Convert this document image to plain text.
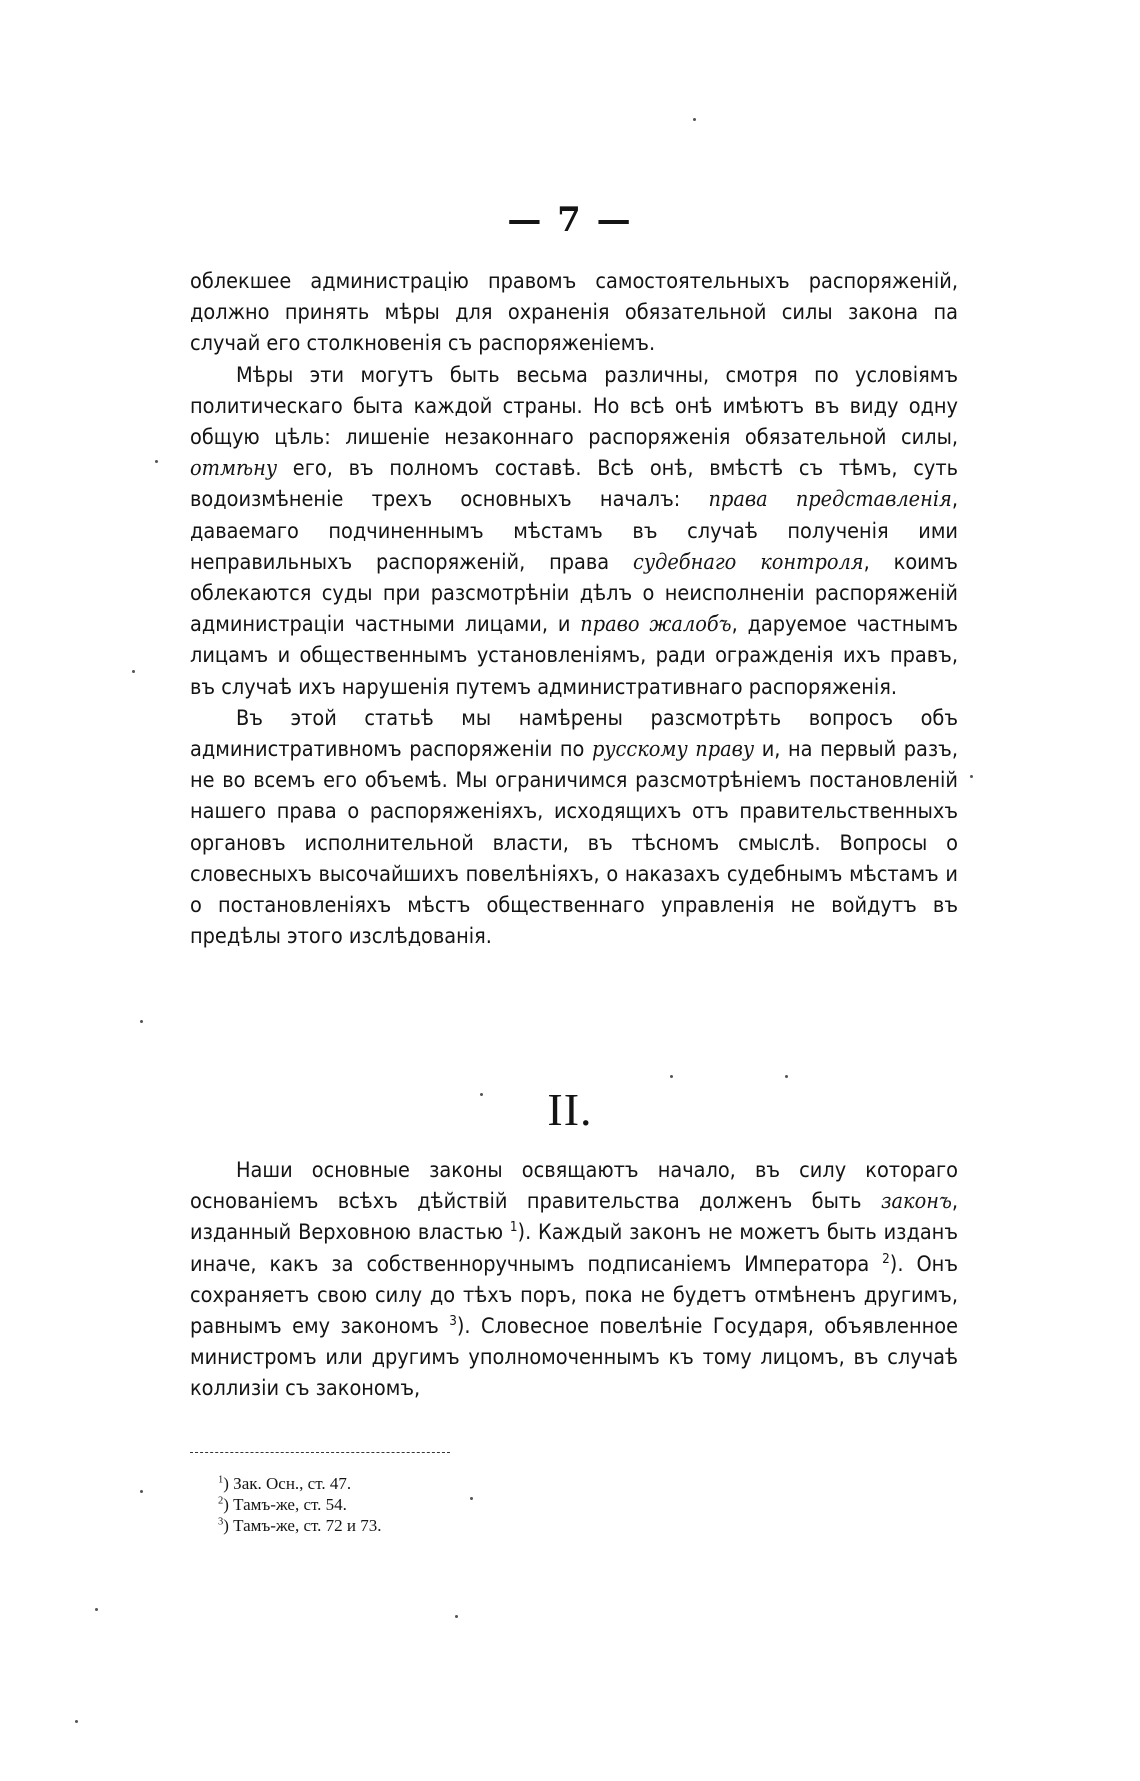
— 7 —

облекшее администрацію правомъ самостоятельныхъ распоряженій, должно принять мѣры для охраненія обязательной силы закона па случай его столкновенія съ распоряженіемъ.

Мѣры эти могутъ быть весьма различны, смотря по условіямъ политическаго быта каждой страны. Но всѣ онѣ имѣютъ въ виду одну общую цѣль: лишеніе незаконнаго распоряженія обязательной силы, отмѣну его, въ полномъ составѣ. Всѣ онѣ, вмѣстѣ съ тѣмъ, суть водоизмѣненіе трехъ основныхъ началъ: права представленія, даваемаго подчиненнымъ мѣстамъ въ случаѣ полученія ими неправильныхъ распоряженій, права судебнаго контроля, коимъ облекаются суды при разсмотрѣніи дѣлъ о неисполненіи распоряженій администраціи частными лицами, и право жалобъ, даруемое частнымъ лицамъ и общественнымъ установленіямъ, ради огражденія ихъ правъ, въ случаѣ ихъ нарушенія путемъ административнаго распоряженія.

Въ этой статьѣ мы намѣрены разсмотрѣть вопросъ объ административномъ распоряженіи по русскому праву и, на первый разъ, не во всемъ его объемѣ. Мы ограничимся разсмотрѣніемъ постановленій нашего права о распоряженіяхъ, исходящихъ отъ правительственныхъ органовъ исполнительной власти, въ тѣсномъ смыслѣ. Вопросы о словесныхъ высочайшихъ повелѣніяхъ, о наказахъ судебнымъ мѣстамъ и о постановленіяхъ мѣстъ общественнаго управленія не войдутъ въ предѣлы этого изслѣдованія.

II.

Наши основные законы освящаютъ начало, въ силу котораго основаніемъ всѣхъ дѣйствій правительства долженъ быть законъ, изданный Верховною властью $^1$). Каждый законъ не можетъ быть изданъ иначе, какъ за собственноручнымъ подписаніемъ Императора $^2$). Онъ сохраняетъ свою силу до тѣхъ поръ, пока не будетъ отмѣненъ другимъ, равнымъ ему закономъ $^3$). Словесное повелѣніе Государя, объявленное министромъ или другимъ уполномоченнымъ къ тому лицомъ, въ случаѣ коллизіи съ закономъ,

$^1$) Зак. Осн., ст. 47.
$^2$) Тамъ-же, ст. 54.
$^3$) Тамъ-же, ст. 72 и 73.
